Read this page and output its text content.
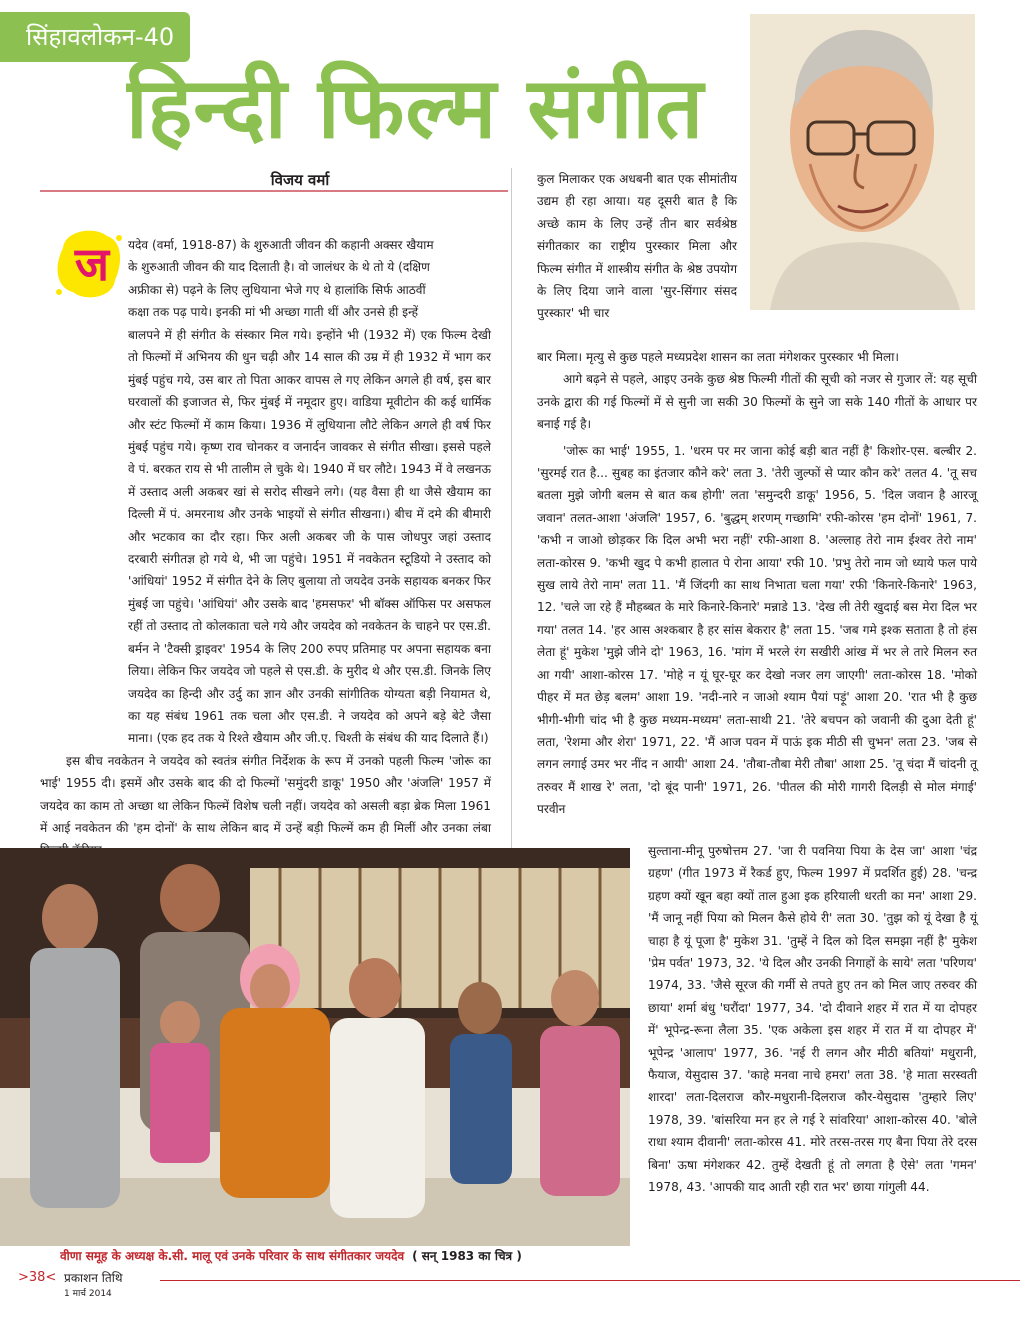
सिंहावलोकन-40
हिन्दी फिल्म संगीत
विजय वर्मा
ज	यदेव (वर्मा, 1918-87) के शुरुआती जीवन की कहानी अक्सर खैयाम

के शुरुआती जीवन की याद दिलाती है। वो जालंधर के थे तो ये (दक्षिण

अफ्रीका से) पढ़ने के लिए लुधियाना भेजे गए थे हालांकि सिर्फ आठवीं

कक्षा तक पढ़ पाये। इनकी मां भी अच्छा गाती थीं और उनसे ही इन्हें

बालपने में ही संगीत के संस्कार मिल गये। इन्होंने भी (1932 में) एक फिल्म देखी तो फिल्मों में अभिनय की धुन चढ़ी और 14 साल की उम्र में ही 1932 में भाग कर मुंबई पहुंच गये, उस बार तो पिता आकर वापस ले गए लेकिन अगले ही वर्ष, इस बार घरवालों की इजाजत से, फिर मुंबई में नमूदार हुए। वाडिया मूवीटोन की कई धार्मिक और स्टंट फिल्मों में काम किया। 1936 में लुधियाना लौटे लेकिन अगले ही वर्ष फिर मुंबई पहुंच गये। कृष्ण राव चोनकर व जनार्दन जावकर से संगीत सीखा। इससे पहले वे पं. बरकत राय से भी तालीम ले चुके थे। 1940 में घर लौटे। 1943 में वे लखनऊ में उस्ताद अली अकबर खां से सरोद सीखने लगे। (यह वैसा ही था जैसे खैयाम का दिल्ली में पं. अमरनाथ और उनके भाइयों से संगीत सीखना।) बीच में दमे की बीमारी और भटकाव का दौर रहा। फिर अली अकबर जी के पास जोधपुर जहां उस्ताद दरबारी संगीतज्ञ हो गये थे, भी जा पहुंचे। 1951 में नवकेतन स्टूडियो ने उस्ताद को 'आंधियां' 1952 में संगीत देने के लिए बुलाया तो जयदेव उनके सहायक बनकर फिर मुंबई जा पहुंचे। 'आंधियां' और उसके बाद 'हमसफर' भी बॉक्स ऑफिस पर असफल रहीं तो उस्ताद तो कोलकाता चले गये और जयदेव को नवकेतन के चाहने पर एस.डी. बर्मन ने 'टैक्सी ड्राइवर' 1954 के लिए 200 रुपए प्रतिमाह पर अपना सहायक बना लिया। लेकिन फिर जयदेव जो पहले से एस.डी. के मुरीद थे और एस.डी. जिनके लिए जयदेव का हिन्दी और उर्दु का ज्ञान और उनकी सांगीतिक योग्यता बड़ी नियामत थे, का यह संबंध 1961 तक चला और एस.डी. ने जयदेव को अपने बड़े बेटे जैसा माना। (एक हद तक ये रिश्ते खैयाम और जी.ए. चिश्ती के संबंध की याद दिलाते हैं।)

इस बीच नवकेतन ने जयदेव को स्वतंत्र संगीत निर्देशक के रूप में उनको पहली फिल्म 'जोरू का भाई' 1955 दी। इसमें और उसके बाद की दो फिल्मों 'समुंदरी डाकू' 1950 और 'अंजलि' 1957 में जयदेव का काम तो अच्छा था लेकिन फिल्में विशेष चली नहीं। जयदेव को असली बड़ा ब्रेक मिला 1961 में आई नवकेतन की 'हम दोनों' के साथ लेकिन बाद में उन्हें बड़ी फिल्में कम ही मिलीं और उनका लंबा

कुल मिलाकर एक अधबनी बात एक सीमांतीय उद्यम ही रहा आया। यह दूसरी बात है कि अच्छे काम के लिए उन्हें तीन बार सर्वश्रेष्ठ संगीतकार का राष्ट्रीय पुरस्कार मिला और फिल्म संगीत में शास्त्रीय संगीत के श्रेष्ठ उपयोग के लिए दिया जाने वाला 'सुर-सिंगार संसद पुरस्कार' भी चार

बार मिला। मृत्यु से कुछ पहले मध्यप्रदेश शासन का लता मंगेशकर पुरस्कार भी मिला।

आगे बढ़ने से पहले, आइए उनके कुछ श्रेष्ठ फिल्मी गीतों की सूची को नजर से गुजार लें: यह सूची उनके द्वारा की गई फिल्मों में से सुनी जा सकी 30 फिल्मों के सुने जा सके 140 गीतों के आधार पर बनाई गई है।

'जोरू का भाई' 1955, 1. 'धरम पर मर जाना कोई बड़ी बात नहीं है' किशोर-एस. बल्बीर 2. 'सुरमई रात है... सुबह का इंतजार कौने करे' लता 3. 'तेरी जुल्फों से प्यार कौन करे' तलत 4. 'तू सच बतला मुझे जोगी बलम से बात कब होगी' लता 'समुन्दरी डाकू' 1956, 5. 'दिल जवान है आरजू जवान' तलत-आशा 'अंजलि' 1957, 6. 'बुद्धम् शरणम् गच्छामि' रफी-कोरस 'हम दोनों' 1961, 7. 'कभी न जाओ छोड़कर कि दिल अभी भरा नहीं' रफी-आशा 8. 'अल्लाह तेरो नाम ईश्वर तेरो नाम' लता-कोरस 9. 'कभी खुद पे कभी हालात पे रोना आया' रफी 10. 'प्रभु तेरो नाम जो ध्याये फल पाये सुख लाये तेरो नाम' लता 11. 'मैं जिंदगी का साथ निभाता चला गया' रफी 'किनारे-किनारे' 1963, 12. 'चले जा रहे हैं मौहब्बत के मारे किनारे-किनारे' मन्नाडे 13. 'देख ली तेरी खुदाई बस मेरा दिल भर गया' तलत 14. 'हर आस अश्कबार है हर सांस बेकरार है' लता 15. 'जब गमे इश्क सताता है तो हंस लेता हूं' मुकेश 'मुझे जीने दो' 1963, 16. 'मांग में भरले रंग सखीरी आंख में भर ले तारे मिलन रुत आ गयी' आशा-कोरस 17. 'मोहे न यूं घूर-घूर कर देखो नजर लग जाएगी' लता-कोरस 18. 'मोको पीहर में मत छेड़ बलम' आशा 19. 'नदी-नारे न जाओ श्याम पैयां पड़ूं' आशा 20. 'रात भी है कुछ भीगी-भीगी चांद भी है कुछ मध्यम-मध्यम' लता-साथी 21. 'तेरे बचपन को जवानी की दुआ देती हूं' लता, 'रेशमा और शेरा' 1971, 22. 'मैं आज पवन में पाऊं इक मीठी सी चुभन' लता 23. 'जब से लगन लगाई उमर भर नींद न आयी' आशा 24. 'तौबा-तौबा मेरी तौबा' आशा 25. 'तू चंदा मैं चांदनी तू तरुवर मैं शाख रे' लता, 'दो बूंद पानी' 1971, 26. 'पीतल की मोरी गागरी दिलड़ी से मोल मंगाई' परवीन

सुल्ताना-मीनू पुरुषोत्तम 27. 'जा री पवनिया पिया के देस जा' आशा 'चंद्र ग्रहण' (गीत 1973 में रैकर्ड हुए, फिल्म 1997 में प्रदर्शित हुई) 28. 'चन्द्र ग्रहण क्यों खून बहा क्यों ताल हुआ इक हरियाली धरती का मन' आशा 29. 'मैं जानू नहीं पिया को मिलन कैसे होये री' लता 30. 'तुझ को यूं देखा है यूं चाहा है यूं पूजा है' मुकेश 31. 'तुम्हें ने दिल को दिल समझा नहीं है' मुकेश 'प्रेम पर्वत' 1973, 32. 'ये दिल और उनकी निगाहों के साये' लता 'परिणय' 1974, 33. 'जैसे सूरज की गर्मी से तपते हुए तन को मिल जाए तरुवर की छाया' शर्मा बंधु 'घरौंदा' 1977, 34. 'दो दीवाने शहर में रात में या दोपहर में' भूपेन्द्र-रूना लैला 35. 'एक अकेला इस शहर में रात में या दोपहर में' भूपेन्द्र 'आलाप' 1977, 36. 'नई री लगन और मीठी बतियां' मधुरानी, फैयाज, येसुदास 37. 'काहे मनवा नाचे हमरा' लता 38. 'हे माता सरस्वती शारदा' लता-दिलराज कौर-मधुरानी-दिलराज कौर-येसुदास 'तुम्हारे लिए' 1978, 39. 'बांसरिया मन हर ले गई रे सांवरिया' आशा-कोरस 40. 'बोले राधा श्याम दीवानी' लता-कोरस 41. मोरे तरस-तरस गए बैना पिया तेरे दरस बिना' ऊषा मंगेशकर 42. तुम्हें देखती हूं तो लगता है ऐसे' लता 'गमन' 1978, 43. 'आपकी याद आती रही रात भर' छाया गांगुली 44.

वीणा समूह के अध्यक्ष के.सी. मालू एवं उनके परिवार के साथ संगीतकार जयदेव ( सन् 1983 का चित्र )
>38< प्रकाशन तिथि
1 मार्च 2014
